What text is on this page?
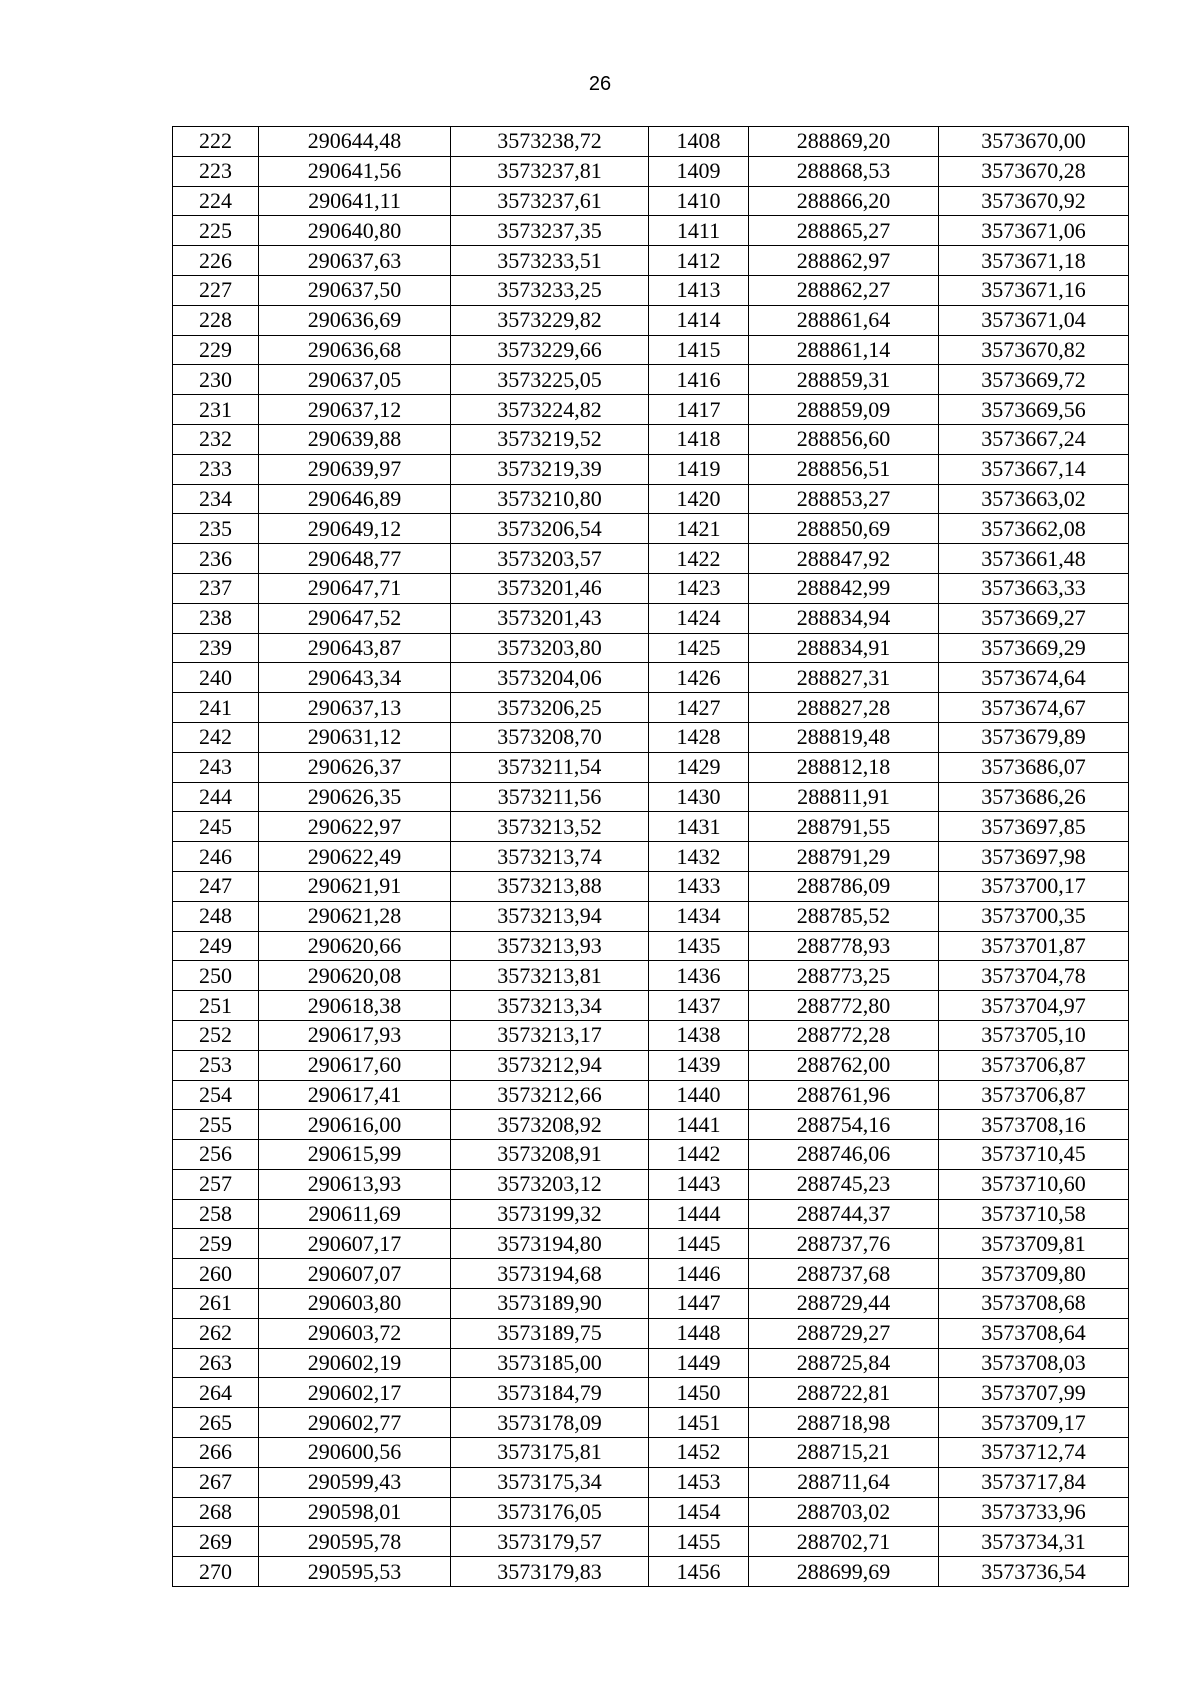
26
222	290644,48	3573238,72	1408	288869,20	3573670,00
223	290641,56	3573237,81	1409	288868,53	3573670,28
224	290641,11	3573237,61	1410	288866,20	3573670,92
225	290640,80	3573237,35	1411	288865,27	3573671,06
226	290637,63	3573233,51	1412	288862,97	3573671,18
227	290637,50	3573233,25	1413	288862,27	3573671,16
228	290636,69	3573229,82	1414	288861,64	3573671,04
229	290636,68	3573229,66	1415	288861,14	3573670,82
230	290637,05	3573225,05	1416	288859,31	3573669,72
231	290637,12	3573224,82	1417	288859,09	3573669,56
232	290639,88	3573219,52	1418	288856,60	3573667,24
233	290639,97	3573219,39	1419	288856,51	3573667,14
234	290646,89	3573210,80	1420	288853,27	3573663,02
235	290649,12	3573206,54	1421	288850,69	3573662,08
236	290648,77	3573203,57	1422	288847,92	3573661,48
237	290647,71	3573201,46	1423	288842,99	3573663,33
238	290647,52	3573201,43	1424	288834,94	3573669,27
239	290643,87	3573203,80	1425	288834,91	3573669,29
240	290643,34	3573204,06	1426	288827,31	3573674,64
241	290637,13	3573206,25	1427	288827,28	3573674,67
242	290631,12	3573208,70	1428	288819,48	3573679,89
243	290626,37	3573211,54	1429	288812,18	3573686,07
244	290626,35	3573211,56	1430	288811,91	3573686,26
245	290622,97	3573213,52	1431	288791,55	3573697,85
246	290622,49	3573213,74	1432	288791,29	3573697,98
247	290621,91	3573213,88	1433	288786,09	3573700,17
248	290621,28	3573213,94	1434	288785,52	3573700,35
249	290620,66	3573213,93	1435	288778,93	3573701,87
250	290620,08	3573213,81	1436	288773,25	3573704,78
251	290618,38	3573213,34	1437	288772,80	3573704,97
252	290617,93	3573213,17	1438	288772,28	3573705,10
253	290617,60	3573212,94	1439	288762,00	3573706,87
254	290617,41	3573212,66	1440	288761,96	3573706,87
255	290616,00	3573208,92	1441	288754,16	3573708,16
256	290615,99	3573208,91	1442	288746,06	3573710,45
257	290613,93	3573203,12	1443	288745,23	3573710,60
258	290611,69	3573199,32	1444	288744,37	3573710,58
259	290607,17	3573194,80	1445	288737,76	3573709,81
260	290607,07	3573194,68	1446	288737,68	3573709,80
261	290603,80	3573189,90	1447	288729,44	3573708,68
262	290603,72	3573189,75	1448	288729,27	3573708,64
263	290602,19	3573185,00	1449	288725,84	3573708,03
264	290602,17	3573184,79	1450	288722,81	3573707,99
265	290602,77	3573178,09	1451	288718,98	3573709,17
266	290600,56	3573175,81	1452	288715,21	3573712,74
267	290599,43	3573175,34	1453	288711,64	3573717,84
268	290598,01	3573176,05	1454	288703,02	3573733,96
269	290595,78	3573179,57	1455	288702,71	3573734,31
270	290595,53	3573179,83	1456	288699,69	3573736,54
